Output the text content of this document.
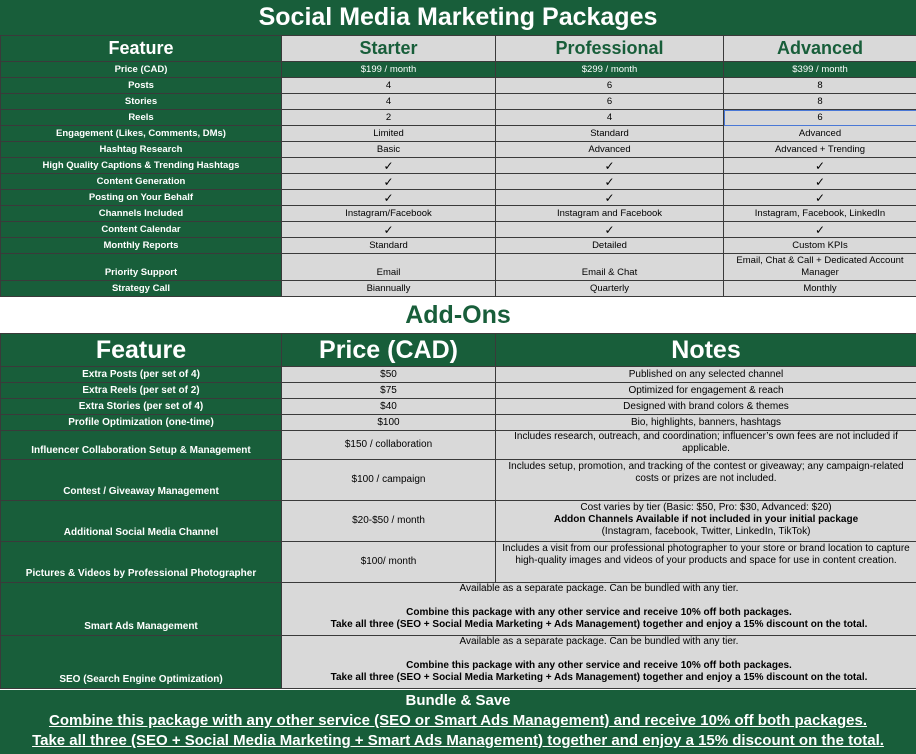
Social Media Marketing Packages
Feature	Starter	Professional	Advanced
Price (CAD)	$199 / month	$299 / month	$399 / month
Posts	4	6	8
Stories	4	6	8
Reels	2	4	6
Engagement (Likes, Comments, DMs)	Limited	Standard	Advanced
Hashtag Research	Basic	Advanced	Advanced + Trending
High Quality Captions & Trending Hashtags	✓	✓	✓
Content Generation	✓	✓	✓
Posting on Your Behalf	✓	✓	✓
Channels Included	Instagram/Facebook	Instagram and Facebook	Instagram, Facebook, LinkedIn
Content Calendar	✓	✓	✓
Monthly Reports	Standard	Detailed	Custom KPIs
Priority Support	Email	Email & Chat	Email, Chat & Call + Dedicated Account Manager
Strategy Call	Biannually	Quarterly	Monthly
Add-Ons
Feature	Price (CAD)	Notes
Extra Posts (per set of 4)	$50	Published on any selected channel
Extra Reels (per set of 2)	$75	Optimized for engagement & reach
Extra Stories (per set of 4)	$40	Designed with brand colors & themes
Profile Optimization (one-time)	$100	Bio, highlights, banners, hashtags
Influencer Collaboration Setup & Management	$150 / collaboration	Includes research, outreach, and coordination; influencer’s own fees are not included if applicable.
Contest / Giveaway Management	$100 / campaign	Includes setup, promotion, and tracking of the contest or giveaway; any campaign-related costs or prizes are not included.
Additional Social Media Channel	$20-$50 / month	Cost varies by tier (Basic: $50, Pro: $30, Advanced: $20)
Addon Channels Available if not included in your initial package
(Instagram, facebook, Twitter, LinkedIn, TikTok)

Pictures & Videos by Professional Photographer	$100/ month	Includes a visit from our professional photographer to your store or brand location to capture high-quality images and videos of your products and space for use in content creation.
Smart Ads Management	Available as a separate package. Can be bundled with any tier.
Combine this package with any other service and receive 10% off both packages.
Take all three (SEO + Social Media Marketing + Ads Management) together and enjoy a 15% discount on the total.	

SEO (Search Engine Optimization)	Available as a separate package. Can be bundled with any tier.
Combine this package with any other service and receive 10% off both packages.
Take all three (SEO + Social Media Marketing + Ads Management) together and enjoy a 15% discount on the total.	
Bundle & Save
Combine this package with any other service (SEO or Smart Ads Management) and receive 10% off both packages.
Take all three (SEO + Social Media Marketing + Smart Ads Management) together and enjoy a 15% discount on the total.
